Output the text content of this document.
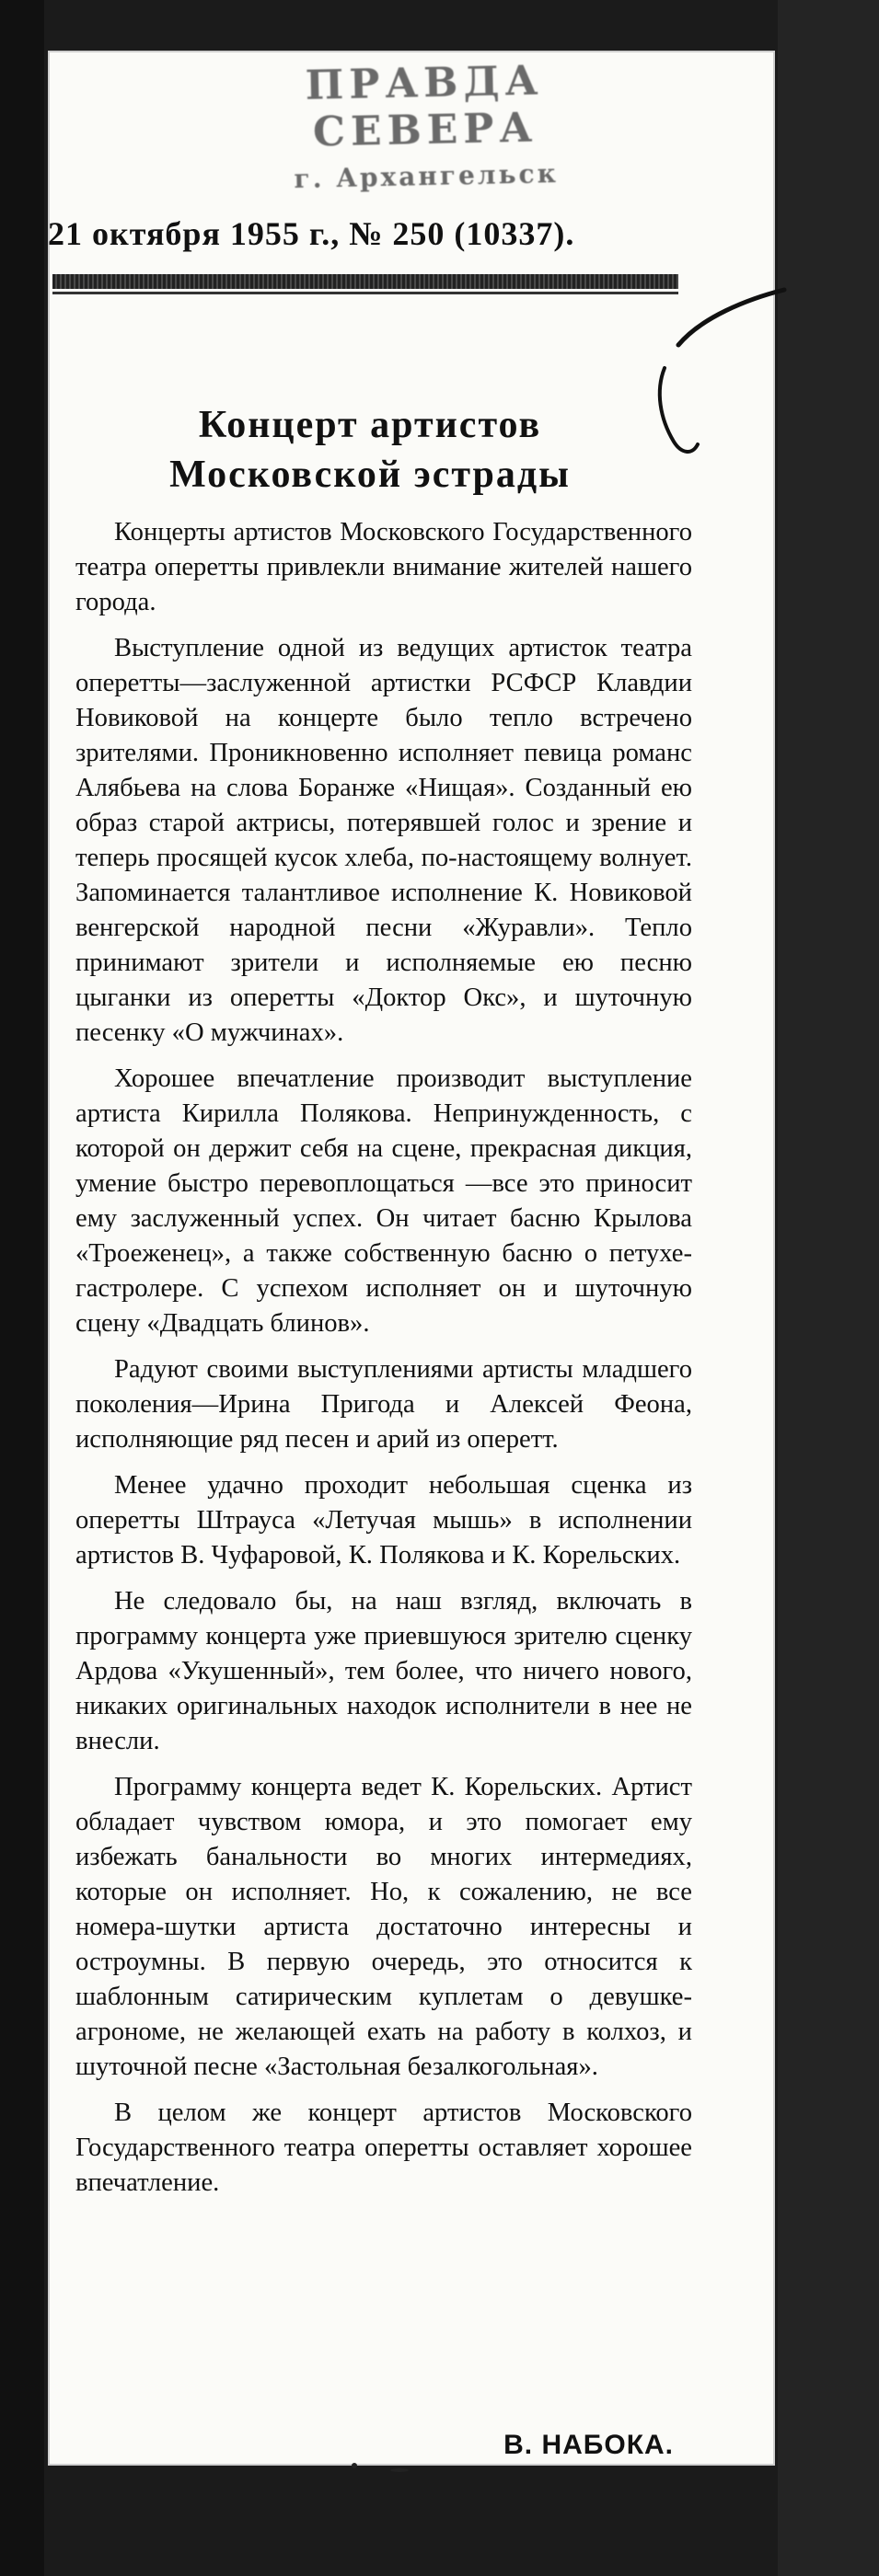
ПРАВДА СЕВЕРА
г. Архангельск
21 октября 1955 г., № 250 (10337).
Концерт артистов
Московской эстрады

Концерты артистов Московского Государственного театра оперетты привлекли внимание жителей нашего города.

Выступление одной из ведущих артисток театра оперетты—заслуженной артистки РСФСР Клавдии Новиковой на концерте было тепло встречено зрителями. Проникновенно исполняет певица романс Алябьева на слова Боранже «Нищая». Созданный ею образ старой актрисы, потерявшей голос и зрение и теперь просящей кусок хлеба, по-настоящему волнует. Запоминается талантливое исполнение К. Новиковой венгерской народной песни «Журавли». Тепло принимают зрители и исполняемые ею песню цыганки из оперетты «Доктор Окс», и шуточную песенку «О мужчинах».

Хорошее впечатление производит выступление артиста Кирилла Полякова. Непринужденность, с которой он держит себя на сцене, прекрасная дикция, умение быстро перевоплощаться —все это приносит ему заслуженный успех. Он читает басню Крылова «Троеженец», а также собственную басню о петухе-гастролере. С успехом исполняет он и шуточную сцену «Двадцать блинов».

Радуют своими выступлениями артисты младшего поколения—Ирина Пригода и Алексей Феона, исполняющие ряд песен и арий из оперетт.

Менее удачно проходит небольшая сценка из оперетты Штрауса «Летучая мышь» в исполнении артистов В. Чуфаровой, К. Полякова и К. Корельских.

Не следовало бы, на наш взгляд, включать в программу концерта уже приевшуюся зрителю сценку Ардова «Укушенный», тем более, что ничего нового, никаких оригинальных находок исполнители в нее не внесли.

Программу концерта ведет К. Корельских. Артист обладает чувством юмора, и это помогает ему избежать банальности во многих интермедиях, которые он исполняет. Но, к сожалению, не все номера-шутки артиста достаточно интересны и остроумны. В первую очередь, это относится к шаблонным сатирическим куплетам о девушке-агрономе, не желающей ехать на работу в колхоз, и шуточной песне «Застольная безалкогольная».

В целом же концерт артистов Московского Государственного театра оперетты оставляет хорошее впечатление.

В. НАБОКА.
